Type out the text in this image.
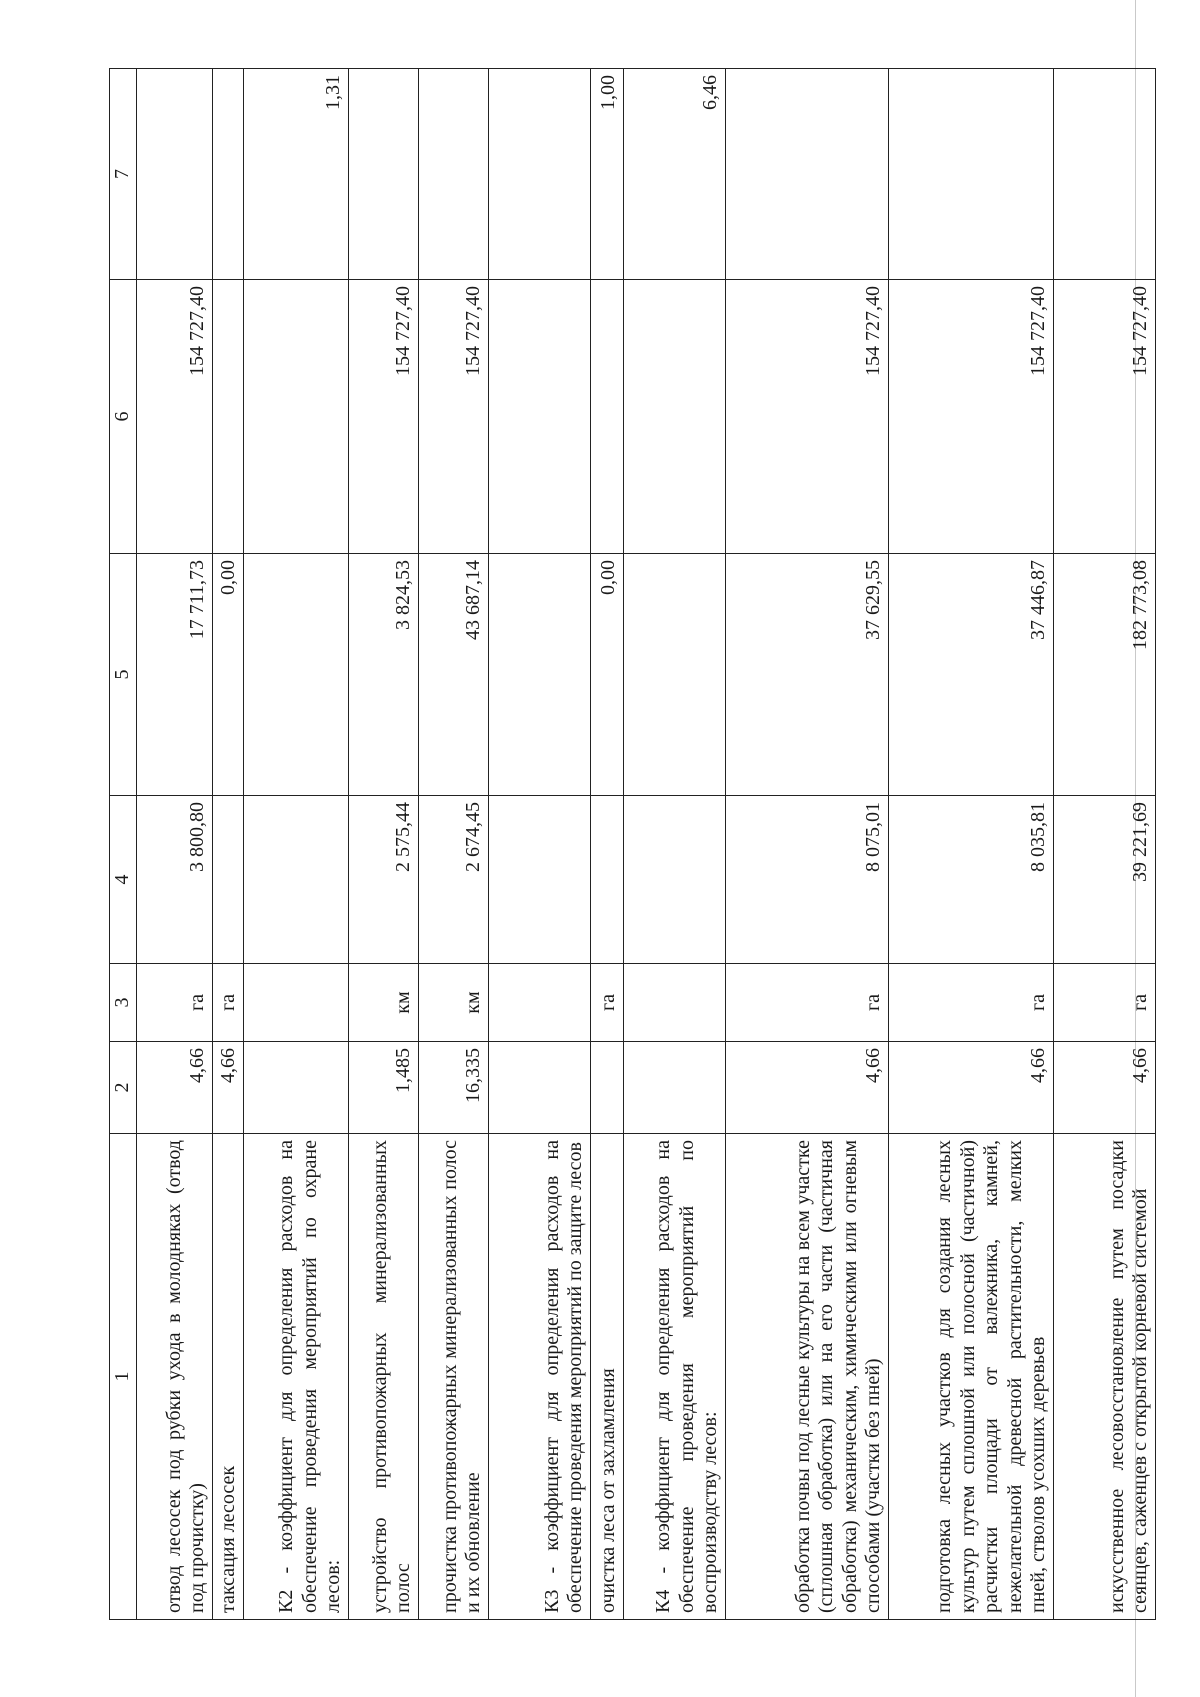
1	2	3	4	5	6	7
отвод лесосек под рубки ухода в молодняках (отвод под прочистку)	4,66	га	3 800,80	17 711,73	154 727,40	
таксация лесосек	4,66	га		0,00		
К2 - коэффициент для определения расходов на обеспечение проведения мероприятий по охране лесов:						1,31
устройство противопожарных минерализованных полос	1,485	км	2 575,44	3 824,53	154 727,40	
прочистка противопожарных минерализованных полос и их обновление	16,335	км	2 674,45	43 687,14	154 727,40	
К3 - коэффициент для определения расходов на обеспечение проведения мероприятий по защите лесов						
очистка леса от захламления		га		0,00		1,00
К4 - коэффициент для определения расходов на обеспечение проведения мероприятий по воспроизводству лесов:						6,46
обработка почвы под лесные культуры на всем участке (сплошная обработка) или на его части (частичная обработка) механическим, химическими или огневым способами (участки без пней)	4,66	га	8 075,01	37 629,55	154 727,40	
подготовка лесных участков для создания лесных культур путем сплошной или полосной (частичной) расчистки площади от валежника, камней, нежелательной древесной растительности, мелких пней, стволов усохших деревьев	4,66	га	8 035,81	37 446,87	154 727,40	
искусственное лесовосстановление путем посадки сеянцев, саженцев с открытой корневой системой	4,66	га	39 221,69	182 773,08	154 727,40	
